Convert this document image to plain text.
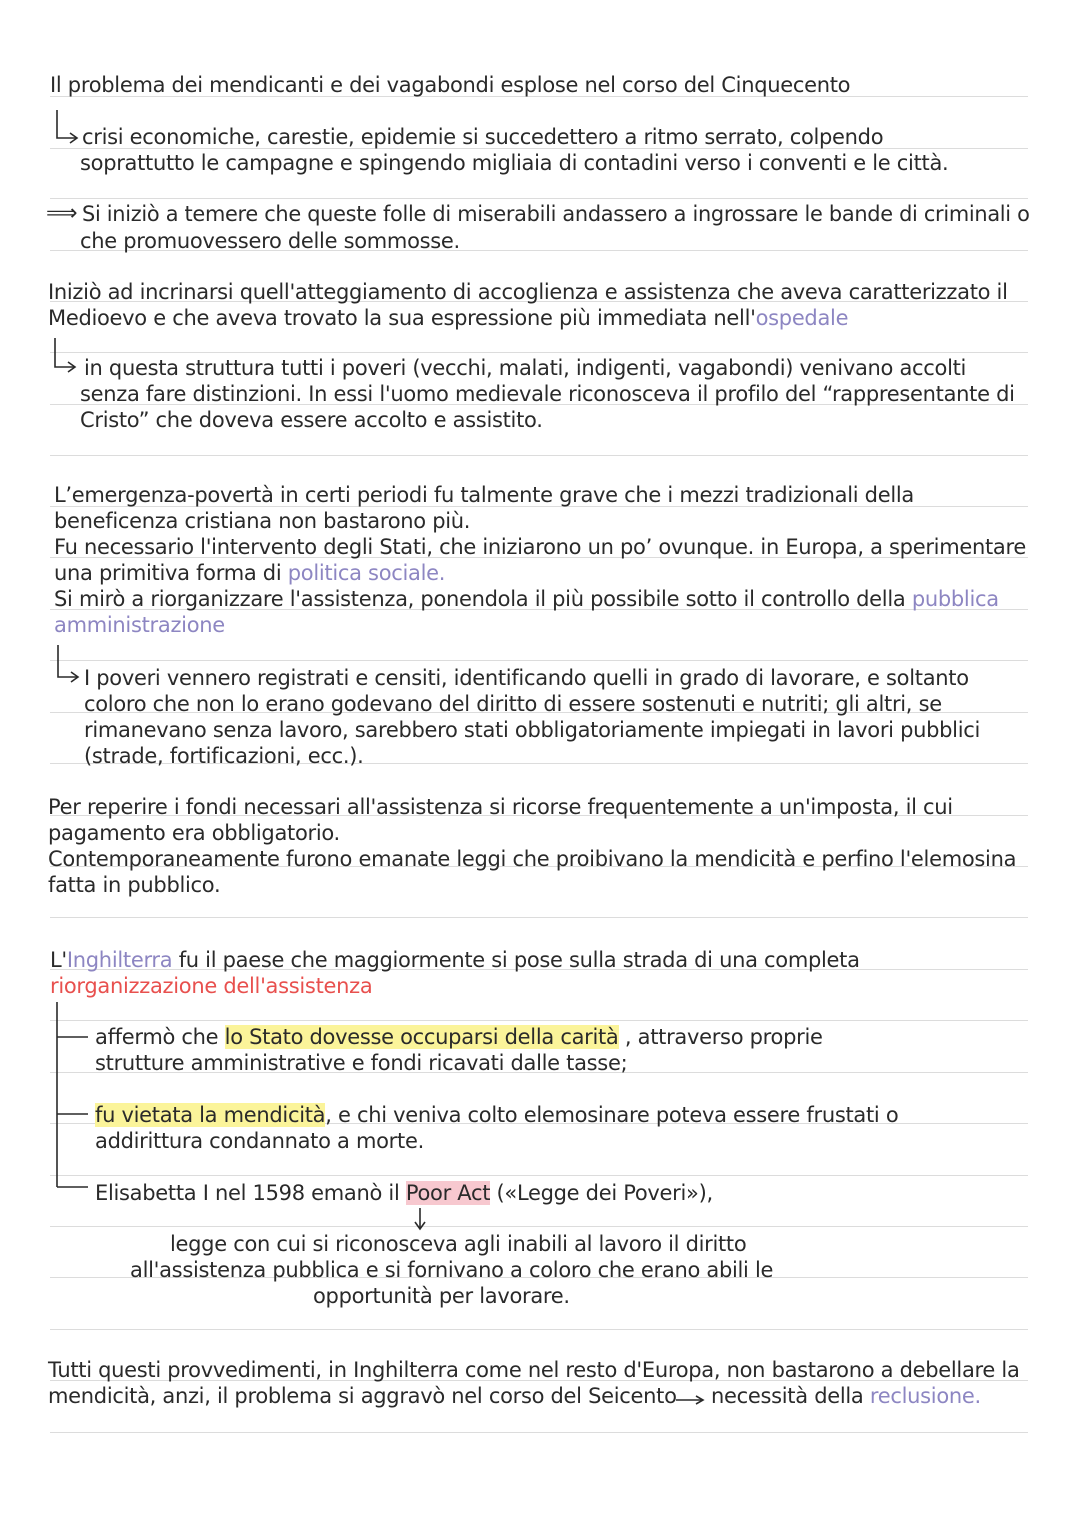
⟹
Il problema dei mendicanti e dei vagabondi esplose nel corso del Cinquecento
crisi economiche, carestie, epidemie si succedettero a ritmo serrato, colpendo
soprattutto le campagne e spingendo migliaia di contadini verso i conventi e le città.
Si iniziò a temere che queste folle di miserabili andassero a ingrossare le bande di criminali o
che promuovessero delle sommosse.
Iniziò ad incrinarsi quell'atteggiamento di accoglienza e assistenza che aveva caratterizzato il
Medioevo e che aveva trovato la sua espressione più immediata nell'ospedale
in questa struttura tutti i poveri (vecchi, malati, indigenti, vagabondi) venivano accolti
senza fare distinzioni. In essi l'uomo medievale riconosceva il profilo del “rappresentante di
Cristo” che doveva essere accolto e assistito.
L’emergenza-povertà in certi periodi fu talmente grave che i mezzi tradizionali della
beneficenza cristiana non bastarono più.
Fu necessario l'intervento degli Stati, che iniziarono un po’ ovunque. in Europa, a sperimentare
una primitiva forma di politica sociale.
Si mirò a riorganizzare l'assistenza, ponendola il più possibile sotto il controllo della pubblica
amministrazione
I poveri vennero registrati e censiti, identificando quelli in grado di lavorare, e soltanto
coloro che non lo erano godevano del diritto di essere sostenuti e nutriti; gli altri, se
rimanevano senza lavoro, sarebbero stati obbligatoriamente impiegati in lavori pubblici
(strade, fortificazioni, ecc.).
Per reperire i fondi necessari all'assistenza si ricorse frequentemente a un'imposta, il cui
pagamento era obbligatorio.
Contemporaneamente furono emanate leggi che proibivano la mendicità e perfino l'elemosina
fatta in pubblico.
L'Inghilterra fu il paese che maggiormente si pose sulla strada di una completa
riorganizzazione dell'assistenza
affermò che lo Stato dovesse occuparsi della carità , attraverso proprie
strutture amministrative e fondi ricavati dalle tasse;
fu vietata la mendicità, e chi veniva colto elemosinare poteva essere frustati o
addirittura condannato a morte.
Elisabetta I nel 1598 emanò il Poor Act («Legge dei Poveri»),
legge con cui si riconosceva agli inabili al lavoro il diritto
all'assistenza pubblica e si fornivano a coloro che erano abili le
opportunità per lavorare.
Tutti questi provvedimenti, in Inghilterra come nel resto d'Europa, non bastarono a debellare la
mendicità, anzi, il problema si aggravò nel corso del Seicento necessità della reclusione.
